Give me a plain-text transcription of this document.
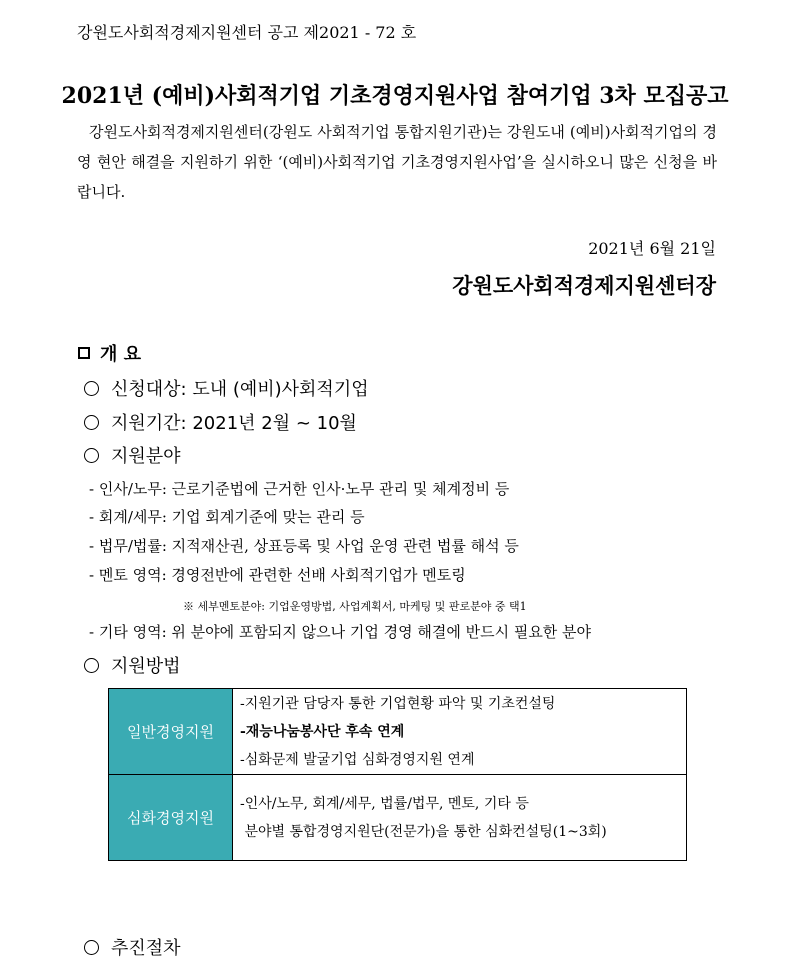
강원도사회적경제지원센터 공고 제2021 - 72 호
2021년 (예비)사회적기업 기초경영지원사업 참여기업 3차 모집공고
강원도사회적경제지원센터(강원도 사회적기업 통합지원기관)는 강원도내 (예비)사회적기업의 경영 현안 해결을 지원하기 위한 ‘(예비)사회적기업 기초경영지원사업’을 실시하오니 많은 신청을 바랍니다.
2021년 6월 21일
강원도사회적경제지원센터장
개 요
신청대상: 도내 (예비)사회적기업
지원기간: 2021년 2월 ~ 10월
지원분야
- 인사/노무: 근로기준법에 근거한 인사·노무 관리 및 체계정비 등
- 회계/세무: 기업 회계기준에 맞는 관리 등
- 법무/법률: 지적재산권, 상표등록 및 사업 운영 관련 법률 해석 등
- 멘토 영역: 경영전반에 관련한 선배 사회적기업가 멘토링
※ 세부멘토분야: 기업운영방법, 사업계획서, 마케팅 및 판로분야 중 택1
- 기타 영역: 위 분야에 포함되지 않으나 기업 경영 해결에 반드시 필요한 분야
지원방법
일반경영지원	-지원기관 담당자 통한 기업현황 파악 및 기초컨설팅
-재능나눔봉사단 후속 연계
-심화문제 발굴기업 심화경영지원 연계

심화경영지원	-인사/노무, 회계/세무, 법률/법무, 멘토, 기타 등
분야별 통합경영지원단(전문가)을 통한 심화컨설팅(1~3회)
추진절차
